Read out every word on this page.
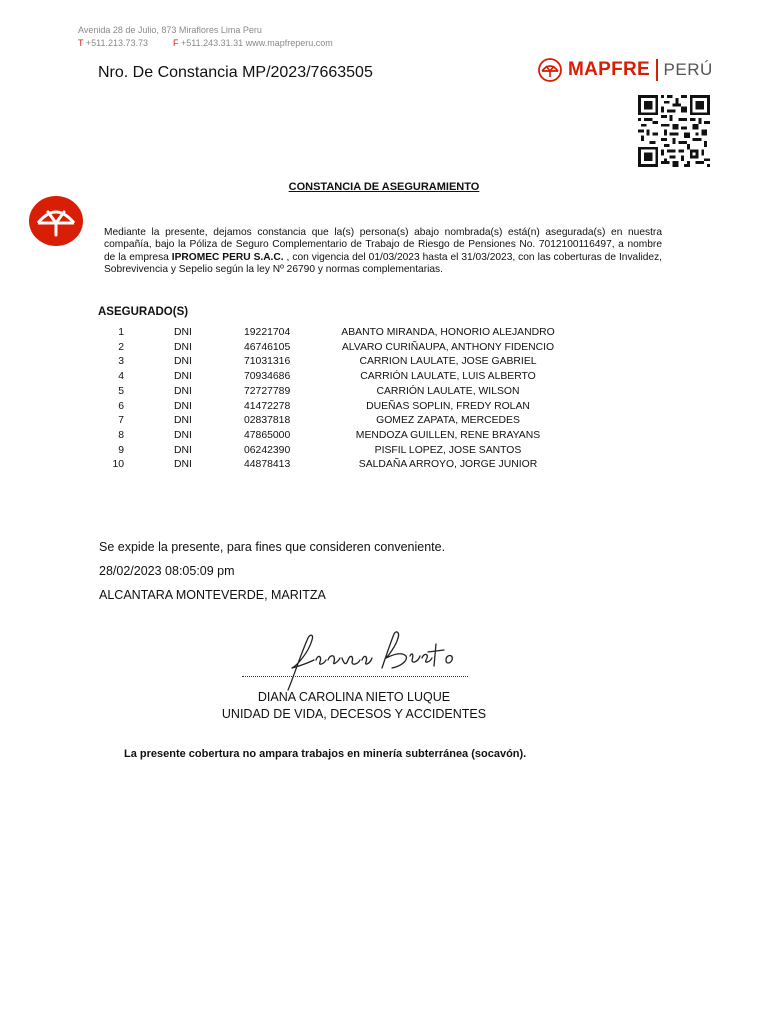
Avenida 28 de Julio, 873 Miraflores Lima Peru
T +511.213.73.73	F +511.243.31.31 www.mapfreperu.com
Nro. De Constancia MP/2023/7663505	MAPFRE PERÚ
CONSTANCIA DE ASEGURAMIENTO
Mediante la presente, dejamos constancia que la(s) persona(s) abajo nombrada(s) está(n) asegurada(s) en nuestra compañía, bajo la Póliza de Seguro Complementario de Trabajo de Riesgo de Pensiones No. 7012100116497, a nombre de la empresa IPROMEC PERU S.A.C. , con vigencia del 01/03/2023 hasta el 31/03/2023, con las coberturas de Invalidez, Sobrevivencia y Sepelio según la ley Nº 26790 y normas complementarias.
ASEGURADO(S)
1	DNI	19221704	ABANTO MIRANDA, HONORIO ALEJANDRO
2	DNI	46746105	ALVARO CURIÑAUPA, ANTHONY FIDENCIO
3	DNI	71031316	CARRION LAULATE, JOSE GABRIEL
4	DNI	70934686	CARRIÓN LAULATE, LUIS ALBERTO
5	DNI	72727789	CARRIÓN LAULATE, WILSON
6	DNI	41472278	DUEÑAS SOPLIN, FREDY ROLAN
7	DNI	02837818	GOMEZ ZAPATA, MERCEDES
8	DNI	47865000	MENDOZA GUILLEN, RENE BRAYANS
9	DNI	06242390	PISFIL LOPEZ, JOSE SANTOS
10	DNI	44878413	SALDAÑA ARROYO, JORGE JUNIOR
Se expide la presente, para fines que consideren conveniente.
28/02/2023 08:05:09 pm
ALCANTARA MONTEVERDE, MARITZA
DIANA CAROLINA NIETO LUQUE
UNIDAD DE VIDA, DECESOS Y ACCIDENTES
La presente cobertura no ampara trabajos en minería subterránea (socavón).
